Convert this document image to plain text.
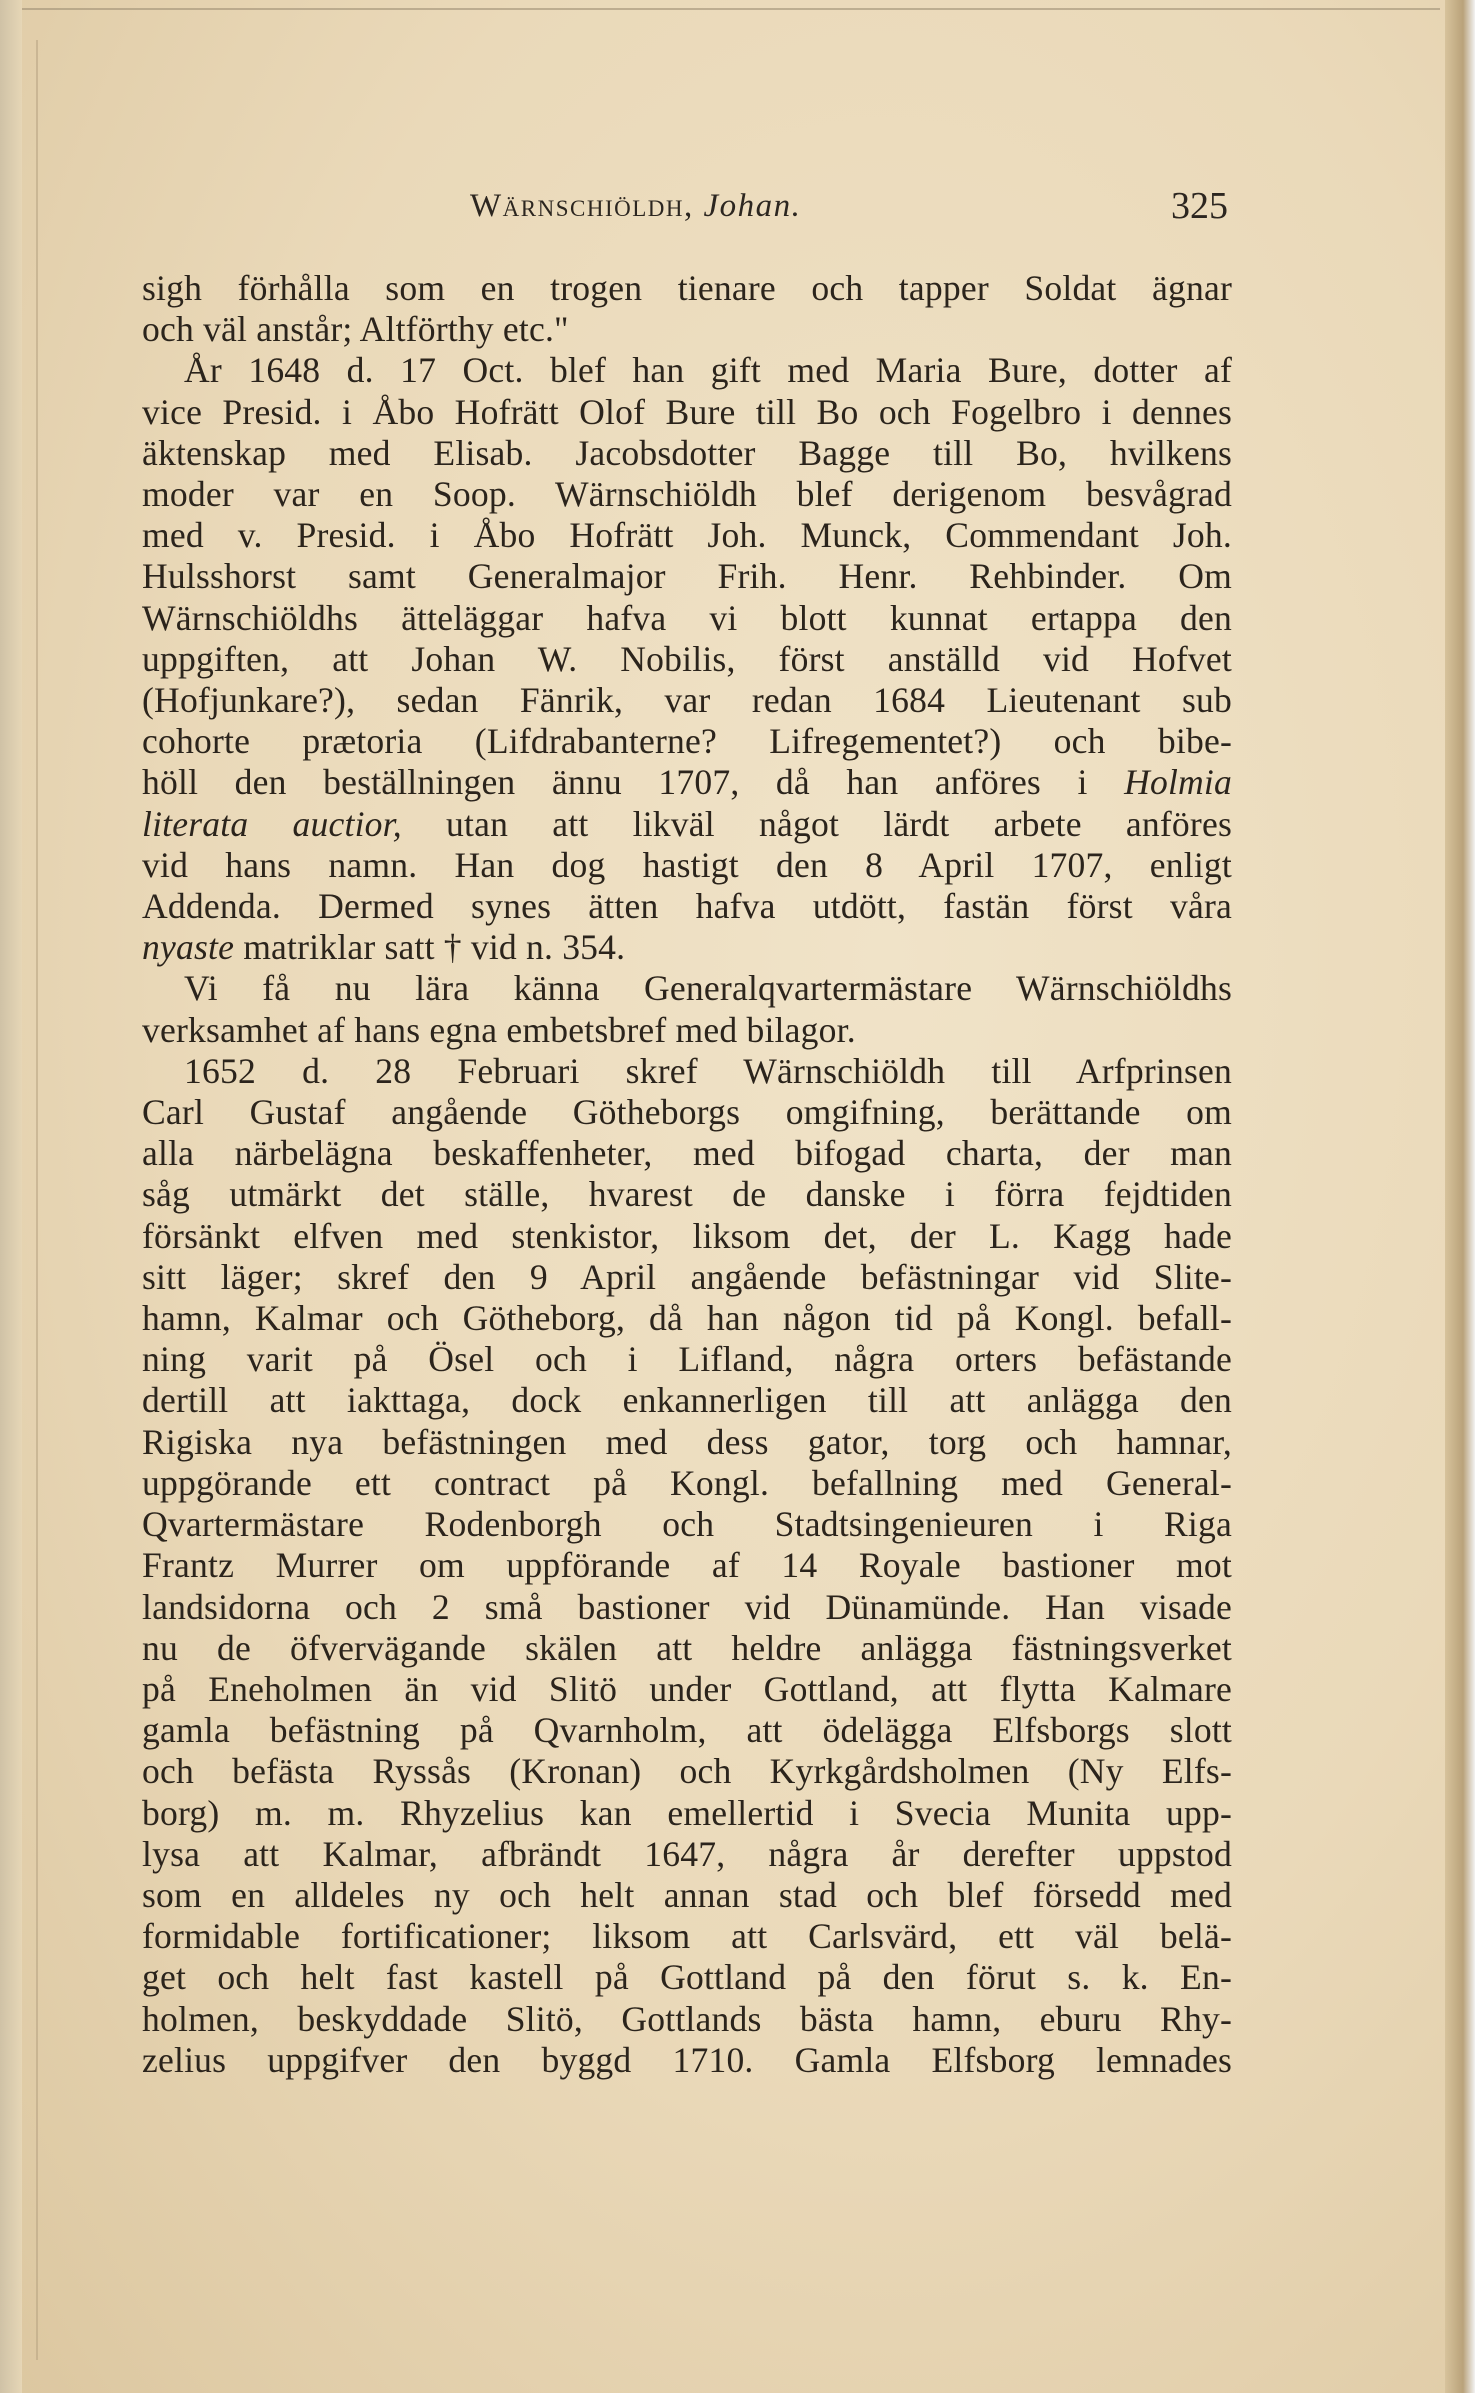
Wärnschiöldh, Johan.	325
sigh förhålla som en trogen tienare och tapper Soldat ägnar
och väl anstår; Altförthy etc."
År 1648 d. 17 Oct. blef han gift med Maria Bure, dotter af
vice Presid. i Åbo Hofrätt Olof Bure till Bo och Fogelbro i dennes
äktenskap med Elisab. Jacobsdotter Bagge till Bo, hvilkens
moder var en Soop. Wärnschiöldh blef derigenom besvågrad
med v. Presid. i Åbo Hofrätt Joh. Munck, Commendant Joh.
Hulsshorst samt Generalmajor Frih. Henr. Rehbinder. Om
Wärnschiöldhs ätteläggar hafva vi blott kunnat ertappa den
uppgiften, att Johan W. Nobilis, först anställd vid Hofvet
(Hofjunkare?), sedan Fänrik, var redan 1684 Lieutenant sub
cohorte prætoria (Lifdrabanterne? Lifregementet?) och bibe-
höll den beställningen ännu 1707, då han anföres i Holmia
literata auctior, utan att likväl något lärdt arbete anföres
vid hans namn. Han dog hastigt den 8 April 1707, enligt
Addenda. Dermed synes ätten hafva utdött, fastän först våra
nyaste matriklar satt † vid n. 354.
Vi få nu lära känna Generalqvartermästare Wärnschiöldhs
verksamhet af hans egna embetsbref med bilagor.
1652 d. 28 Februari skref Wärnschiöldh till Arfprinsen
Carl Gustaf angående Götheborgs omgifning, berättande om
alla närbelägna beskaffenheter, med bifogad charta, der man
såg utmärkt det ställe, hvarest de danske i förra fejdtiden
försänkt elfven med stenkistor, liksom det, der L. Kagg hade
sitt läger; skref den 9 April angående befästningar vid Slite-
hamn, Kalmar och Götheborg, då han någon tid på Kongl. befall-
ning varit på Ösel och i Lifland, några orters befästande
dertill att iakttaga, dock enkannerligen till att anlägga den
Rigiska nya befästningen med dess gator, torg och hamnar,
uppgörande ett contract på Kongl. befallning med General-
Qvartermästare Rodenborgh och Stadtsingenieuren i Riga
Frantz Murrer om uppförande af 14 Royale bastioner mot
landsidorna och 2 små bastioner vid Dünamünde. Han visade
nu de öfvervägande skälen att heldre anlägga fästningsverket
på Eneholmen än vid Slitö under Gottland, att flytta Kalmare
gamla befästning på Qvarnholm, att ödelägga Elfsborgs slott
och befästa Ryssås (Kronan) och Kyrkgårdsholmen (Ny Elfs-
borg) m. m. Rhyzelius kan emellertid i Svecia Munita upp-
lysa att Kalmar, afbrändt 1647, några år derefter uppstod
som en alldeles ny och helt annan stad och blef försedd med
formidable fortificationer; liksom att Carlsvärd, ett väl belä-
get och helt fast kastell på Gottland på den förut s. k. En-
holmen, beskyddade Slitö, Gottlands bästa hamn, eburu Rhy-
zelius uppgifver den byggd 1710. Gamla Elfsborg lemnades
